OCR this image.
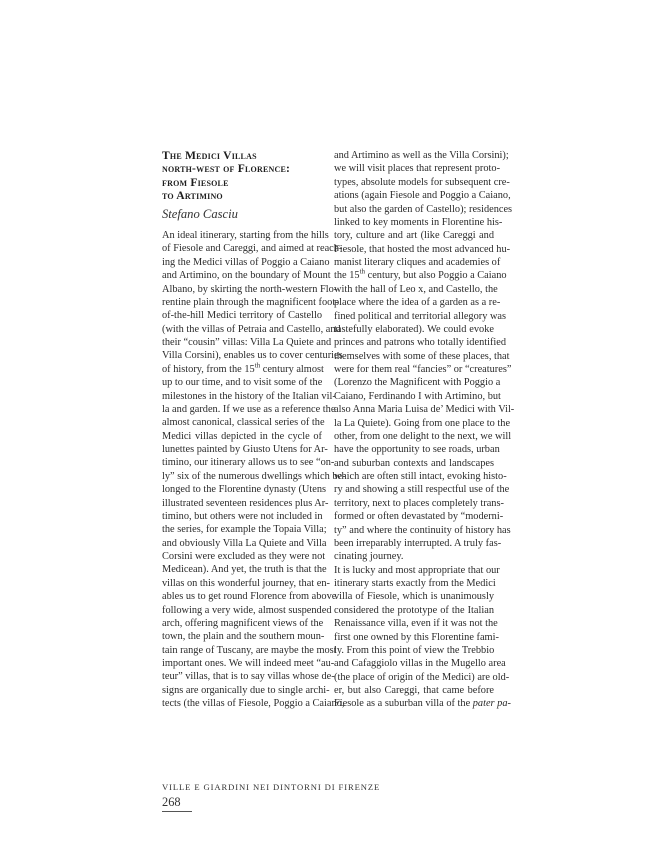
The Medici Villas
north-west of Florence:
from Fiesole
to Artimino
Stefano Casciu
An ideal itinerary, starting from the hills
of Fiesole and Careggi, and aimed at reach-
ing the Medici villas of Poggio a Caiano
and Artimino, on the boundary of Mount
Albano, by skirting the north-western Flo-
rentine plain through the magnificent foot-
of-the-hill Medici territory of Castello
(with the villas of Petraia and Castello, and
their “cousin” villas: Villa La Quiete and
Villa Corsini), enables us to cover centuries
of history, from the 15th century almost
up to our time, and to visit some of the
milestones in the history of the Italian vil-
la and garden. If we use as a reference the
almost canonical, classical series of the
Medici villas depicted in the cycle of
lunettes painted by Giusto Utens for Ar-
timino, our itinerary allows us to see “on-
ly” six of the numerous dwellings which be-
longed to the Florentine dynasty (Utens
illustrated seventeen residences plus Ar-
timino, but others were not included in
the series, for example the Topaia Villa;
and obviously Villa La Quiete and Villa
Corsini were excluded as they were not
Medicean). And yet, the truth is that the
villas on this wonderful journey, that en-
ables us to get round Florence from above
following a very wide, almost suspended
arch, offering magnificent views of the
town, the plain and the southern moun-
tain range of Tuscany, are maybe the most
important ones. We will indeed meet “au-
teur” villas, that is to say villas whose de-
signs are organically due to single archi-
tects (the villas of Fiesole, Poggio a Caiano,
and Artimino as well as the Villa Corsini);
we will visit places that represent proto-
types, absolute models for subsequent cre-
ations (again Fiesole and Poggio a Caiano,
but also the garden of Castello); residences
linked to key moments in Florentine his-
tory, culture and art (like Careggi and
Fiesole, that hosted the most advanced hu-
manist literary cliques and academies of
the 15th century, but also Poggio a Caiano
with the hall of Leo x, and Castello, the
place where the idea of a garden as a re-
fined political and territorial allegory was
tastefully elaborated). We could evoke
princes and patrons who totally identified
themselves with some of these places, that
were for them real “fancies” or “creatures”
(Lorenzo the Magnificent with Poggio a
Caiano, Ferdinando I with Artimino, but
also Anna Maria Luisa de’ Medici with Vil-
la La Quiete). Going from one place to the
other, from one delight to the next, we will
have the opportunity to see roads, urban
and suburban contexts and landscapes
which are often still intact, evoking histo-
ry and showing a still respectful use of the
territory, next to places completely trans-
formed or often devastated by “moderni-
ty” and where the continuity of history has
been irreparably interrupted. A truly fas-
cinating journey.
It is lucky and most appropriate that our
itinerary starts exactly from the Medici
villa of Fiesole, which is unanimously
considered the prototype of the Italian
Renaissance villa, even if it was not the
first one owned by this Florentine fami-
ly. From this point of view the Trebbio
and Cafaggiolo villas in the Mugello area
(the place of origin of the Medici) are old-
er, but also Careggi, that came before
Fiesole as a suburban villa of the pater pa-
VILLE E GIARDINI NEI DINTORNI DI FIRENZE
268
